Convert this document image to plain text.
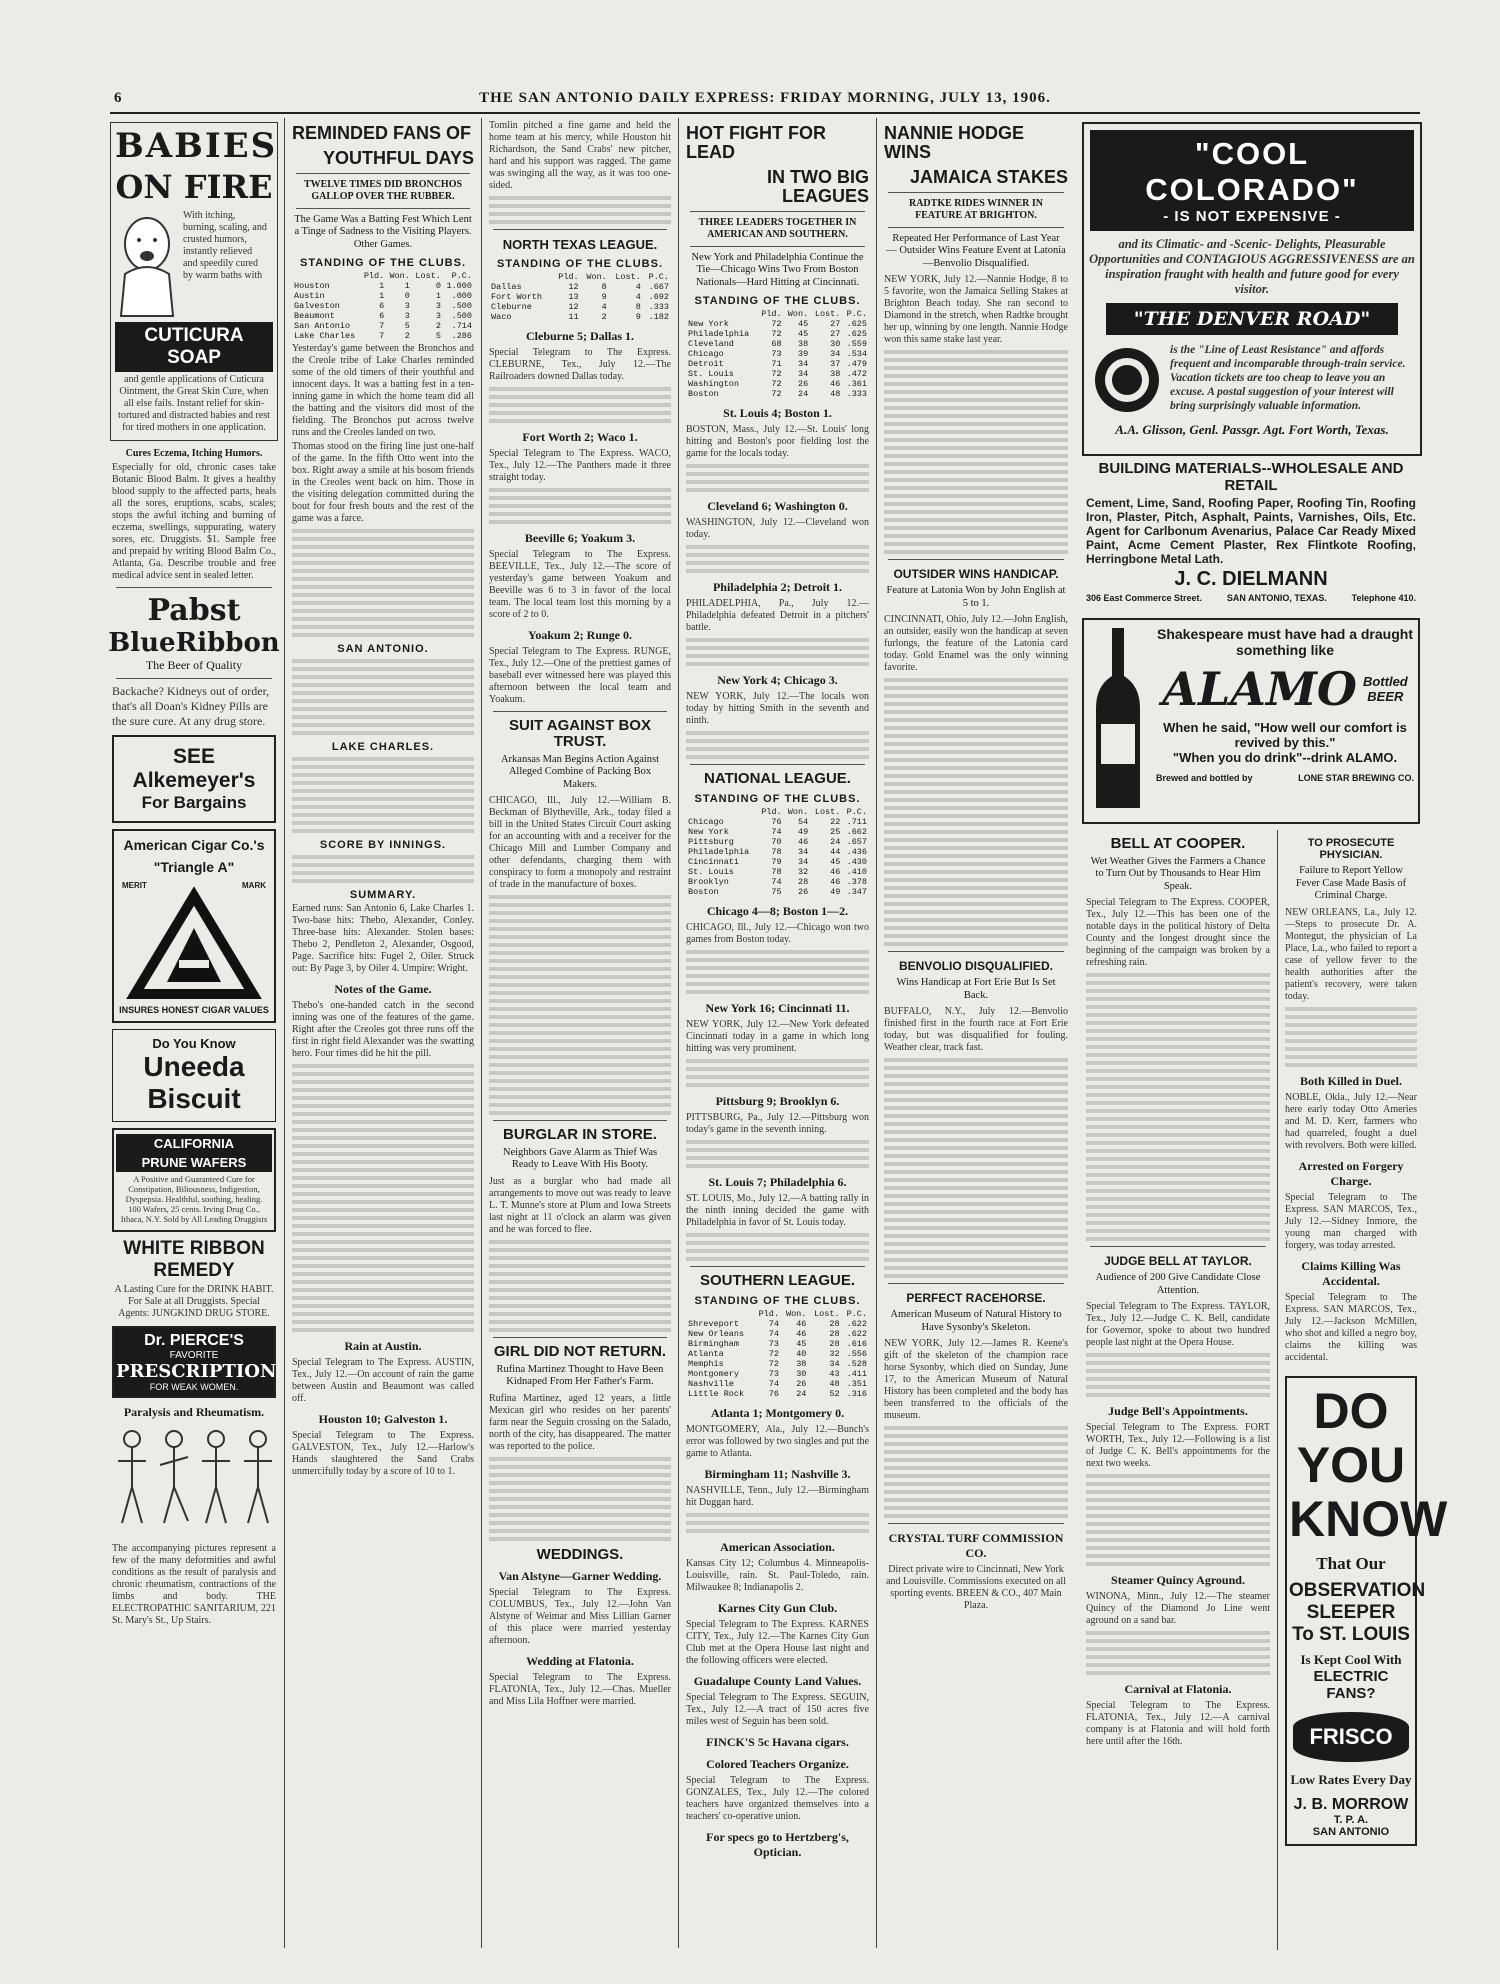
6	THE SAN ANTONIO DAILY EXPRESS: FRIDAY MORNING, JULY 13, 1906.
BABIES
ON FIRE
With itching, burning, scaling, and crusted humors, instantly relieved and speedily cured by warm baths with
CUTICURA SOAP
and gentle applications of Cuticura Ointment, the Great Skin Cure, when all else fails. Instant relief for skin-tortured and distracted babies and rest for tired mothers in one application.
Cures Eczema, Itching Humors.
Especially for old, chronic cases take Botanic Blood Balm. It gives a healthy blood supply to the affected parts, heals all the sores, eruptions, scabs, scales; stops the awful itching and burning of eczema, swellings, suppurating, watery sores, etc. Druggists. $1. Sample free and prepaid by writing Blood Balm Co., Atlanta, Ga. Describe trouble and free medical advice sent in sealed letter.
Pabst
BlueRibbon
The Beer of Quality
Backache? Kidneys out of order, that's all Doan's Kidney Pills are the sure cure. At any drug store.
SEE
Alkemeyer's
For Bargains
American Cigar Co.'s
"Triangle A"
MERIT	MARK
INSURES HONEST CIGAR VALUES
Do You Know
Uneeda
Biscuit
CALIFORNIA
PRUNE WAFERS
A Positive and Guaranteed Cure for Constipation, Biliousness, Indigestion, Dyspepsia. Healthful, soothing, healing. 100 Wafers, 25 cents. Irving Drug Co., Ithaca, N.Y. Sold by All Leading Druggists
WHITE RIBBON
REMEDY
A Lasting Cure for the DRINK HABIT. For Sale at all Druggists. Special Agents: JUNGKIND DRUG STORE.
Dr. PIERCE'S
FAVORITE
PRESCRIPTION
FOR WEAK WOMEN.
Paralysis and Rheumatism.
The accompanying pictures represent a few of the many deformities and awful conditions as the result of paralysis and chronic rheumatism, contractions of the limbs and body. THE ELECTROPATHIC SANITARIUM, 221 St. Mary's St., Up Stairs.
REMINDED FANS OF
YOUTHFUL DAYS
TWELVE TIMES DID BRONCHOS GALLOP OVER THE RUBBER.
The Game Was a Batting Fest Which Lent a Tinge of Sadness to the Visiting Players. Other Games.
STANDING OF THE CLUBS.
	Pld.	Won.	Lost.	P.C.
Houston	1	1	0	1.000
Austin	1	0	1	.000
Galveston	6	3	3	.500
Beaumont	6	3	3	.500
San Antonio	7	5	2	.714
Lake Charles	7	2	5	.286
Yesterday's game between the Bronchos and the Creole tribe of Lake Charles reminded some of the old timers of their youthful and innocent days. It was a batting fest in a ten-inning game in which the home team did all the batting and the visitors did most of the fielding. The Bronchos put across twelve runs and the Creoles landed on two.
Thomas stood on the firing line just one-half of the game. In the fifth Otto went into the box. Right away a smile at his bosom friends in the Creoles went back on him. Those in the visiting delegation committed during the bout for four fresh bouts and the rest of the game was a farce.
SAN ANTONIO.
LAKE CHARLES.
SCORE BY INNINGS.
SUMMARY.
Earned runs: San Antonio 6, Lake Charles 1. Two-base hits: Thebo, Alexander, Conley. Three-base hits: Alexander. Stolen bases: Thebo 2, Pendleton 2, Alexander, Osgood, Page. Sacrifice hits: Fugel 2, Oiler. Struck out: By Page 3, by Oiler 4. Umpire: Wright.
Notes of the Game.
Thebo's one-handed catch in the second inning was one of the features of the game. Right after the Creoles got three runs off the first in right field Alexander was the swatting hero. Four times did he hit the pill.
Rain at Austin.
Special Telegram to The Express. AUSTIN, Tex., July 12.—On account of rain the game between Austin and Beaumont was called off.
Houston 10; Galveston 1.
Special Telegram to The Express. GALVESTON, Tex., July 12.—Harlow's Hands slaughtered the Sand Crabs unmercifully today by a score of 10 to 1.
Tomlin pitched a fine game and held the home team at his mercy, while Houston hit Richardson, the Sand Crabs' new pitcher, hard and his support was ragged. The game was swinging all the way, as it was too one-sided.
NORTH TEXAS LEAGUE.
STANDING OF THE CLUBS.
	Pld.	Won.	Lost.	P.C.
Dallas	12	8	4	.667
Fort Worth	13	9	4	.692
Cleburne	12	4	8	.333
Waco	11	2	9	.182
Cleburne 5; Dallas 1.
Special Telegram to The Express. CLEBURNE, Tex., July 12.—The Railroaders downed Dallas today.
Fort Worth 2; Waco 1.
Special Telegram to The Express. WACO, Tex., July 12.—The Panthers made it three straight today.
Beeville 6; Yoakum 3.
Special Telegram to The Express. BEEVILLE, Tex., July 12.—The score of yesterday's game between Yoakum and Beeville was 6 to 3 in favor of the local team. The local team lost this morning by a score of 2 to 0.
Yoakum 2; Runge 0.
Special Telegram to The Express. RUNGE, Tex., July 12.—One of the prettiest games of baseball ever witnessed here was played this afternoon between the local team and Yoakum.
SUIT AGAINST BOX TRUST.
Arkansas Man Begins Action Against Alleged Combine of Packing Box Makers.
CHICAGO, Ill., July 12.—William B. Beckman of Blytheville, Ark., today filed a bill in the United States Circuit Court asking for an accounting with and a receiver for the Chicago Mill and Lumber Company and other defendants, charging them with conspiracy to form a monopoly and restraint of trade in the manufacture of boxes.
BURGLAR IN STORE.
Neighbors Gave Alarm as Thief Was Ready to Leave With His Booty.
Just as a burglar who had made all arrangements to move out was ready to leave L. T. Munne's store at Plum and Iowa Streets last night at 11 o'clock an alarm was given and he was forced to flee.
GIRL DID NOT RETURN.
Rufina Martinez Thought to Have Been Kidnaped From Her Father's Farm.
Rufina Martinez, aged 12 years, a little Mexican girl who resides on her parents' farm near the Seguin crossing on the Salado, north of the city, has disappeared. The matter was reported to the police.
WEDDINGS.
Van Alstyne—Garner Wedding.
Special Telegram to The Express. COLUMBUS, Tex., July 12.—John Van Alstyne of Weimar and Miss Lillian Garner of this place were married yesterday afternoon.
Wedding at Flatonia.
Special Telegram to The Express. FLATONIA, Tex., July 12.—Chas. Mueller and Miss Lila Hoffner were married.
HOT FIGHT FOR LEAD
IN TWO BIG LEAGUES
THREE LEADERS TOGETHER IN AMERICAN AND SOUTHERN.
New York and Philadelphia Continue the Tie—Chicago Wins Two From Boston Nationals—Hard Hitting at Cincinnati.
STANDING OF THE CLUBS.
	Pld.	Won.	Lost.	P.C.
New York	72	45	27	.625
Philadelphia	72	45	27	.625
Cleveland	68	38	30	.559
Chicago	73	39	34	.534
Detroit	71	34	37	.479
St. Louis	72	34	38	.472
Washington	72	26	46	.361
Boston	72	24	48	.333
St. Louis 4; Boston 1.
BOSTON, Mass., July 12.—St. Louis' long hitting and Boston's poor fielding lost the game for the locals today.
Cleveland 6; Washington 0.
WASHINGTON, July 12.—Cleveland won today.
Philadelphia 2; Detroit 1.
PHILADELPHIA, Pa., July 12.—Philadelphia defeated Detroit in a pitchers' battle.
New York 4; Chicago 3.
NEW YORK, July 12.—The locals won today by hitting Smith in the seventh and ninth.
NATIONAL LEAGUE.
STANDING OF THE CLUBS.
	Pld.	Won.	Lost.	P.C.
Chicago	76	54	22	.711
New York	74	49	25	.662
Pittsburg	70	46	24	.657
Philadelphia	78	34	44	.436
Cincinnati	79	34	45	.430
St. Louis	78	32	46	.410
Brooklyn	74	28	46	.378
Boston	75	26	49	.347
Chicago 4—8; Boston 1—2.
CHICAGO, Ill., July 12.—Chicago won two games from Boston today.
New York 16; Cincinnati 11.
NEW YORK, July 12.—New York defeated Cincinnati today in a game in which long hitting was very prominent.
Pittsburg 9; Brooklyn 6.
PITTSBURG, Pa., July 12.—Pittsburg won today's game in the seventh inning.
St. Louis 7; Philadelphia 6.
ST. LOUIS, Mo., July 12.—A batting rally in the ninth inning decided the game with Philadelphia in favor of St. Louis today.
SOUTHERN LEAGUE.
STANDING OF THE CLUBS.
	Pld.	Won.	Lost.	P.C.
Shreveport	74	46	28	.622
New Orleans	74	46	28	.622
Birmingham	73	45	28	.616
Atlanta	72	40	32	.556
Memphis	72	38	34	.528
Montgomery	73	30	43	.411
Nashville	74	26	48	.351
Little Rock	76	24	52	.316
Atlanta 1; Montgomery 0.
MONTGOMERY, Ala., July 12.—Bunch's error was followed by two singles and put the game to Atlanta.
Birmingham 11; Nashville 3.
NASHVILLE, Tenn., July 12.—Birmingham hit Duggan hard.
American Association.
Kansas City 12; Columbus 4. Minneapolis-Louisville, rain. St. Paul-Toledo, rain. Milwaukee 8; Indianapolis 2.
Karnes City Gun Club.
Special Telegram to The Express. KARNES CITY, Tex., July 12.—The Karnes City Gun Club met at the Opera House last night and the following officers were elected.
Guadalupe County Land Values.
Special Telegram to The Express. SEGUIN, Tex., July 12.—A tract of 150 acres five miles west of Seguin has been sold.
FINCK'S 5c Havana cigars.
Colored Teachers Organize.
Special Telegram to The Express. GONZALES, Tex., July 12.—The colored teachers have organized themselves into a teachers' co-operative union.
For specs go to Hertzberg's, Optician.
NANNIE HODGE WINS
JAMAICA STAKES
RADTKE RIDES WINNER IN FEATURE AT BRIGHTON.
Repeated Her Performance of Last Year — Outsider Wins Feature Event at Latonia—Benvolio Disqualified.
NEW YORK, July 12.—Nannie Hodge, 8 to 5 favorite, won the Jamaica Selling Stakes at Brighton Beach today. She ran second to Diamond in the stretch, when Radtke brought her up, winning by one length. Nannie Hodge won this same stake last year.
OUTSIDER WINS HANDICAP.
Feature at Latonia Won by John English at 5 to 1.
CINCINNATI, Ohio, July 12.—John English, an outsider, easily won the handicap at seven furlongs, the feature of the Latonia card today. Gold Enamel was the only winning favorite.
BENVOLIO DISQUALIFIED.
Wins Handicap at Fort Erie But Is Set Back.
BUFFALO, N.Y., July 12.—Benvolio finished first in the fourth race at Fort Erie today, but was disqualified for fouling. Weather clear, track fast.
PERFECT RACEHORSE.
American Museum of Natural History to Have Sysonby's Skeleton.
NEW YORK, July 12.—James R. Keene's gift of the skeleton of the champion race horse Sysonby, which died on Sunday, June 17, to the American Museum of Natural History has been completed and the body has been transferred to the officials of the museum.
CRYSTAL TURF COMMISSION CO.
Direct private wire to Cincinnati, New York and Louisville. Commissions executed on all sporting events. BREEN & CO., 407 Main Plaza.
"COOL COLORADO"
- IS NOT EXPENSIVE -
and its Climatic- and -Scenic- Delights, Pleasurable Opportunities and CONTAGIOUS AGGRESSIVENESS are an inspiration fraught with health and future good for every visitor.
"THE DENVER ROAD"
is the "Line of Least Resistance" and affords frequent and incomparable through-train service. Vacation tickets are too cheap to leave you an excuse. A postal suggestion of your interest will bring surprisingly valuable information.
A.A. Glisson, Genl. Passgr. Agt. Fort Worth, Texas.
BUILDING MATERIALS--WHOLESALE AND RETAIL
Cement, Lime, Sand, Roofing Paper, Roofing Tin, Roofing Iron, Plaster, Pitch, Asphalt, Paints, Varnishes, Oils, Etc. Agent for Carlbonum Avenarius, Palace Car Ready Mixed Paint, Acme Cement Plaster, Rex Flintkote Roofing, Herringbone Metal Lath.
J. C. DIELMANN
306 East Commerce Street.	SAN ANTONIO, TEXAS.	Telephone 410.
Shakespeare must have had a draught something like
ALAMO Bottled
BEER
When he said, "How well our comfort is revived by this."
"When you do drink"--drink ALAMO.
Brewed and bottled by	LONE STAR BREWING CO.
BELL AT COOPER.
Wet Weather Gives the Farmers a Chance to Turn Out by Thousands to Hear Him Speak.
Special Telegram to The Express. COOPER, Tex., July 12.—This has been one of the notable days in the political history of Delta County and the longest drought since the beginning of the campaign was broken by a refreshing rain.
JUDGE BELL AT TAYLOR.
Audience of 200 Give Candidate Close Attention.
Special Telegram to The Express. TAYLOR, Tex., July 12.—Judge C. K. Bell, candidate for Governor, spoke to about two hundred people last night at the Opera House.
Judge Bell's Appointments.
Special Telegram to The Express. FORT WORTH, Tex., July 12.—Following is a list of Judge C. K. Bell's appointments for the next two weeks.
Steamer Quincy Aground.
WINONA, Minn., July 12.—The steamer Quincy of the Diamond Jo Line went aground on a sand bar.
Carnival at Flatonia.
Special Telegram to The Express. FLATONIA, Tex., July 12.—A carnival company is at Flatonia and will hold forth here until after the 16th.
TO PROSECUTE PHYSICIAN.
Failure to Report Yellow Fever Case Made Basis of Criminal Charge.
NEW ORLEANS, La., July 12.—Steps to prosecute Dr. A. Montegut, the physician of La Place, La., who failed to report a case of yellow fever to the health authorities after the patient's recovery, were taken today.
Both Killed in Duel.
NOBLE, Okla., July 12.—Near here early today Otto Ameries and M. D. Kerr, farmers who had quarreled, fought a duel with revolvers. Both were killed.
Arrested on Forgery Charge.
Special Telegram to The Express. SAN MARCOS, Tex., July 12.—Sidney Inmore, the young man charged with forgery, was today arrested.
Claims Killing Was Accidental.
Special Telegram to The Express. SAN MARCOS, Tex., July 12.—Jackson McMillen, who shot and killed a negro boy, claims the killing was accidental.
DO
YOU
KNOW
That Our
OBSERVATION
SLEEPER
To ST. LOUIS
Is Kept Cool With
ELECTRIC FANS?
FRISCO
Low Rates Every Day
J. B. MORROW
T. P. A.
SAN ANTONIO
